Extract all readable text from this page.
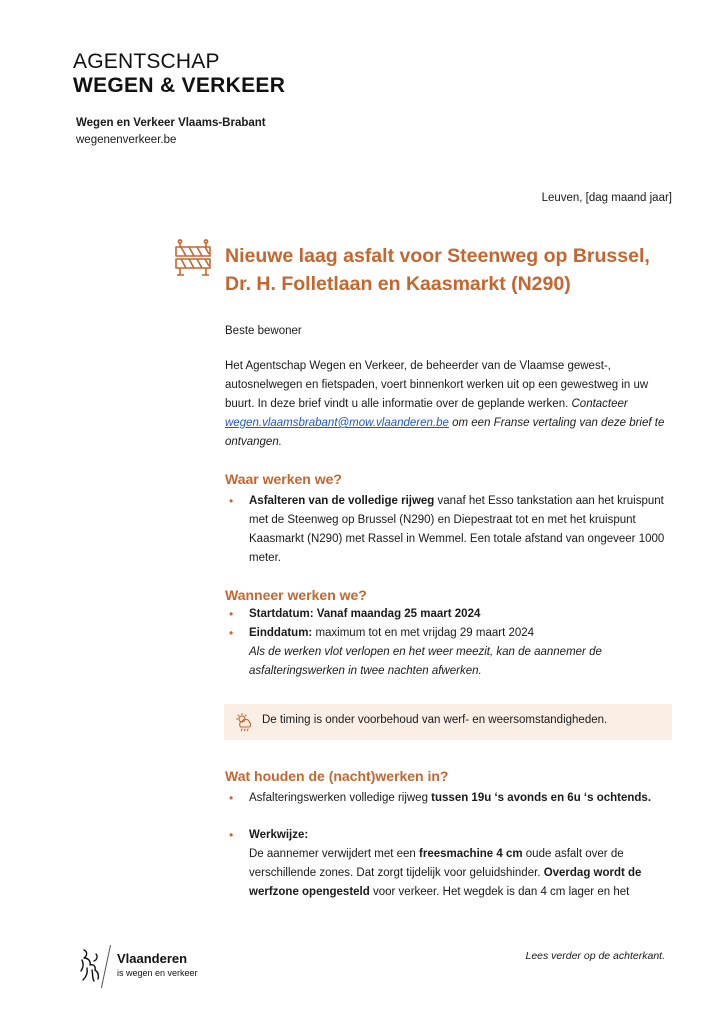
AGENTSCHAP
WEGEN & VERKEER
Wegen en Verkeer Vlaams-Brabant
wegenenverkeer.be
Leuven, [dag maand jaar]
Nieuwe laag asfalt voor Steenweg op Brussel,
Dr. H. Folletlaan en Kaasmarkt (N290)
Beste bewoner
Het Agentschap Wegen en Verkeer, de beheerder van de Vlaamse gewest-, autosnelwegen en fietspaden, voert binnenkort werken uit op een gewestweg in uw buurt. In deze brief vindt u alle informatie over de geplande werken. Contacteer wegen.vlaamsbrabant@mow.vlaanderen.be om een Franse vertaling van deze brief te ontvangen.
Waar werken we?
• Asfalteren van de volledige rijweg vanaf het Esso tankstation aan het kruispunt met de Steenweg op Brussel (N290) en Diepestraat tot en met het kruispunt Kaasmarkt (N290) met Rassel in Wemmel. Een totale afstand van ongeveer 1000 meter.
Wanneer werken we?
• Startdatum: Vanaf maandag 25 maart 2024
• Einddatum: maximum tot en met vrijdag 29 maart 2024
Als de werken vlot verlopen en het weer meezit, kan de aannemer de asfalteringswerken in twee nachten afwerken.
De timing is onder voorbehoud van werf- en weersomstandigheden.
Wat houden de (nacht)werken in?
• Asfalteringswerken volledige rijweg tussen 19u ‘s avonds en 6u ‘s ochtends.
• Werkwijze:
De aannemer verwijdert met een freesmachine 4 cm oude asfalt over de verschillende zones. Dat zorgt tijdelijk voor geluidshinder. Overdag wordt de werfzone opengesteld voor verkeer. Het wegdek is dan 4 cm lager en het
Vlaanderen
is wegen en verkeer
Lees verder op de achterkant.
